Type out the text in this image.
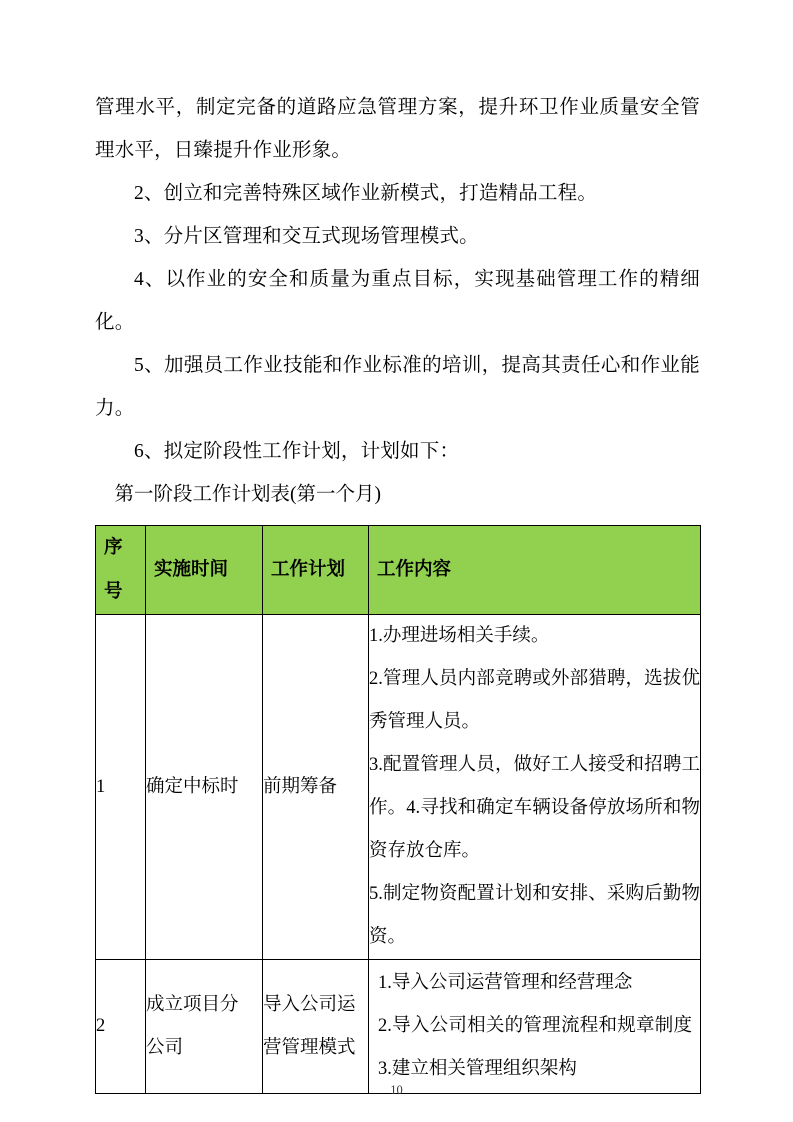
管理水平，制定完备的道路应急管理方案，提升环卫作业质量安全管理水平，日臻提升作业形象。

2、创立和完善特殊区域作业新模式，打造精品工程。

3、分片区管理和交互式现场管理模式。

4、以作业的安全和质量为重点目标，实现基础管理工作的精细化。

5、加强员工作业技能和作业标准的培训，提高其责任心和作业能力。

6、拟定阶段性工作计划，计划如下：

第一阶段工作计划表(第一个月)

序号	实施时间	工作计划	工作内容
1	确定中标时	前期筹备	1.办理进场相关手续。
2.管理人员内部竞聘或外部猎聘，选拔优秀管理人员。
3.配置管理人员，做好工人接受和招聘工作。4.寻找和确定车辆设备停放场所和物资存放仓库。
5.制定物资配置计划和安排、采购后勤物资。

2	成立项目分
公司	导入公司运
营管理模式	1.导入公司运营管理和经营理念
2.导入公司相关的管理流程和规章制度 3.建立相关管理组织架构
10
